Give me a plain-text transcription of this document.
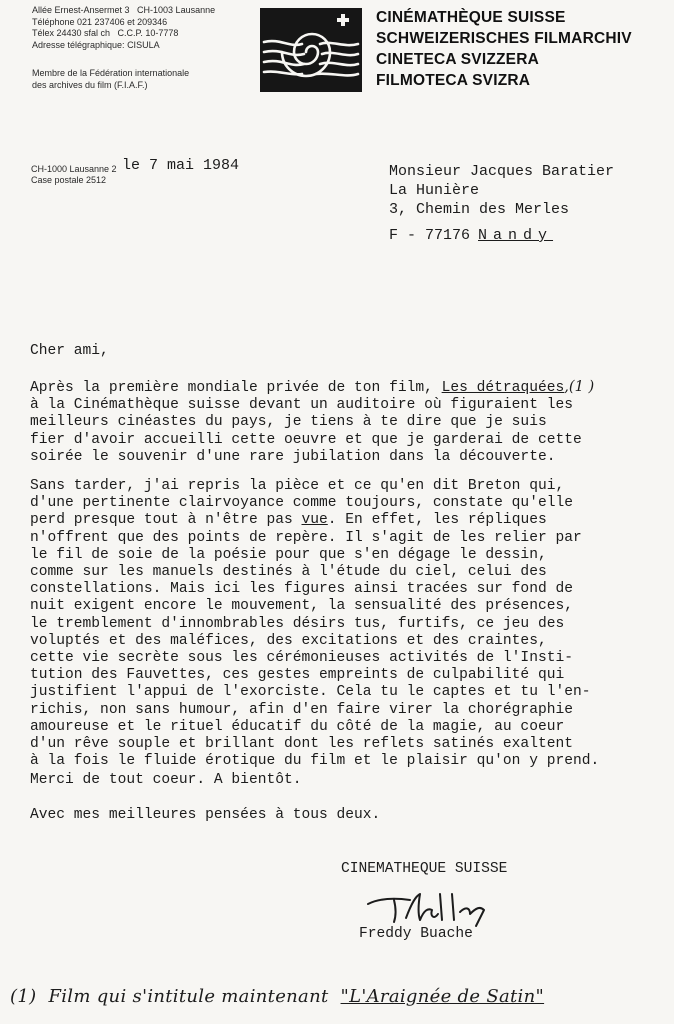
Allée Ernest-Ansermet 3   CH-1003 Lausanne
Téléphone 021 237406 et 209346
Télex 24430 sfal ch   C.C.P. 10-7778
Adresse télégraphique: CISULA
Membre de la Fédération internationale
des archives du film (F.I.A.F.)
CINÉMATHÈQUE SUISSE
SCHWEIZERISCHES FILMARCHIV
CINETECA SVIZZERA
FILMOTECA SVIZRA
CH-1000 Lausanne 2
Case postale 2512
le 7 mai 1984	Monsieur Jacques Baratier
La Hunière
3, Chemin des Merles
F - 77176 Nandy
Cher ami,
Après la première mondiale privée de ton film, Les détraquées,(1 )
à la Cinémathèque suisse devant un auditoire où figuraient les
meilleurs cinéastes du pays, je tiens à te dire que je suis
fier d'avoir accueilli cette oeuvre et que je garderai de cette
soirée le souvenir d'une rare jubilation dans la découverte.
Sans tarder, j'ai repris la pièce et ce qu'en dit Breton qui,
d'une pertinente clairvoyance comme toujours, constate qu'elle
perd presque tout à n'être pas vue. En effet, les répliques
n'offrent que des points de repère. Il s'agit de les relier par
le fil de soie de la poésie pour que s'en dégage le dessin,
comme sur les manuels destinés à l'étude du ciel, celui des
constellations. Mais ici les figures ainsi tracées sur fond de
nuit exigent encore le mouvement, la sensualité des présences,
le tremblement d'innombrables désirs tus, furtifs, ce jeu des
voluptés et des maléfices, des excitations et des craintes,
cette vie secrète sous les cérémonieuses activités de l'Insti-
tution des Fauvettes, ces gestes empreints de culpabilité qui
justifient l'appui de l'exorciste. Cela tu le captes et tu l'en-
richis, non sans humour, afin d'en faire virer la chorégraphie
amoureuse et le rituel éducatif du côté de la magie, au coeur
d'un rêve souple et brillant dont les reflets satinés exaltent
à la fois le fluide érotique du film et le plaisir qu'on y prend.
Merci de tout coeur. A bientôt.
Avec mes meilleures pensées à tous deux.
CINEMATHEQUE SUISSE
Freddy Buache
(1)  Film qui s'intitule maintenant  "L'Araignée de Satin"
